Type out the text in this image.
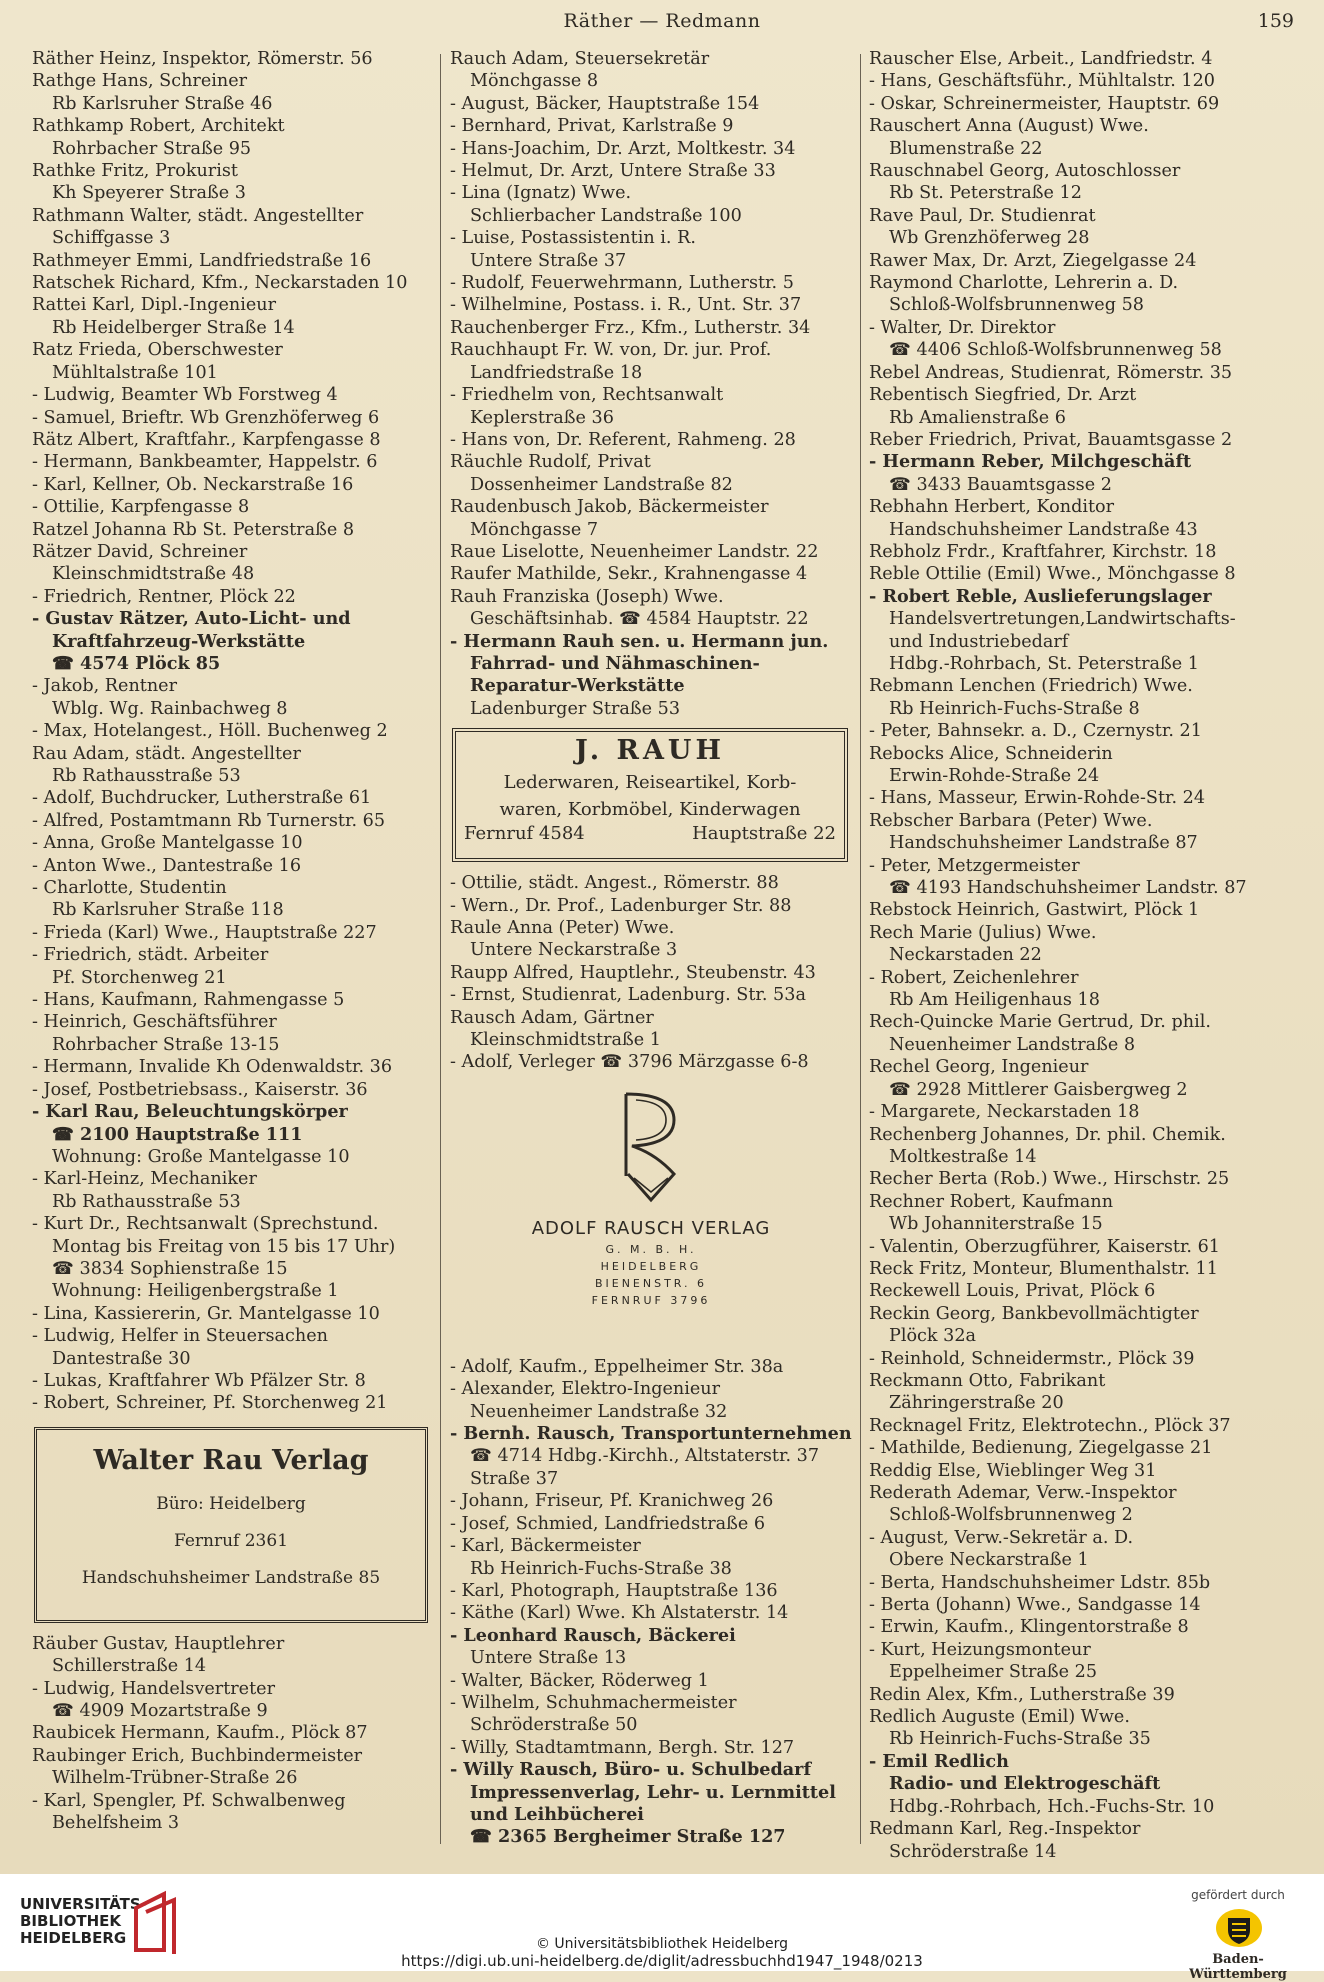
Räther — Redmann	159
Räther Heinz, Inspektor, Römerstr. 56
Rathge Hans, Schreiner
Rb Karlsruher Straße 46
Rathkamp Robert, Architekt
Rohrbacher Straße 95
Rathke Fritz, Prokurist
Kh Speyerer Straße 3
Rathmann Walter, städt. Angestellter
Schiffgasse 3
Rathmeyer Emmi, Landfriedstraße 16
Ratschek Richard, Kfm., Neckarstaden 10
Rattei Karl, Dipl.-Ingenieur
Rb Heidelberger Straße 14
Ratz Frieda, Oberschwester
Mühltalstraße 101
- Ludwig, Beamter Wb Forstweg 4
- Samuel, Brieftr. Wb Grenzhöferweg 6
Rätz Albert, Kraftfahr., Karpfengasse 8
- Hermann, Bankbeamter, Happelstr. 6
- Karl, Kellner, Ob. Neckarstraße 16
- Ottilie, Karpfengasse 8
Ratzel Johanna Rb St. Peterstraße 8
Rätzer David, Schreiner
Kleinschmidtstraße 48
- Friedrich, Rentner, Plöck 22
- Gustav Rätzer, Auto-Licht- und
Kraftfahrzeug-Werkstätte
☎ 4574 Plöck 85
- Jakob, Rentner
Wblg. Wg. Rainbachweg 8
- Max, Hotelangest., Höll. Buchenweg 2
Rau Adam, städt. Angestellter
Rb Rathausstraße 53
- Adolf, Buchdrucker, Lutherstraße 61
- Alfred, Postamtmann Rb Turnerstr. 65
- Anna, Große Mantelgasse 10
- Anton Wwe., Dantestraße 16
- Charlotte, Studentin
Rb Karlsruher Straße 118
- Frieda (Karl) Wwe., Hauptstraße 227
- Friedrich, städt. Arbeiter
Pf. Storchenweg 21
- Hans, Kaufmann, Rahmengasse 5
- Heinrich, Geschäftsführer
Rohrbacher Straße 13-15
- Hermann, Invalide Kh Odenwaldstr. 36
- Josef, Postbetriebsass., Kaiserstr. 36
- Karl Rau, Beleuchtungskörper
☎ 2100 Hauptstraße 111
Wohnung: Große Mantelgasse 10
- Karl-Heinz, Mechaniker
Rb Rathausstraße 53
- Kurt Dr., Rechtsanwalt (Sprechstund.
Montag bis Freitag von 15 bis 17 Uhr)
☎ 3834 Sophienstraße 15
Wohnung: Heiligenbergstraße 1
- Lina, Kassiererin, Gr. Mantelgasse 10
- Ludwig, Helfer in Steuersachen
Dantestraße 30
- Lukas, Kraftfahrer Wb Pfälzer Str. 8
- Robert, Schreiner, Pf. Storchenweg 21
Walter Rau Verlag
Büro: Heidelberg
Fernruf 2361
Handschuhsheimer Landstraße 85
Räuber Gustav, Hauptlehrer
Schillerstraße 14
- Ludwig, Handelsvertreter
☎ 4909 Mozartstraße 9
Raubicek Hermann, Kaufm., Plöck 87
Raubinger Erich, Buchbindermeister
Wilhelm-Trübner-Straße 26
- Karl, Spengler, Pf. Schwalbenweg
Behelfsheim 3
Rauch Adam, Steuersekretär
Mönchgasse 8
- August, Bäcker, Hauptstraße 154
- Bernhard, Privat, Karlstraße 9
- Hans-Joachim, Dr. Arzt, Moltkestr. 34
- Helmut, Dr. Arzt, Untere Straße 33
- Lina (Ignatz) Wwe.
Schlierbacher Landstraße 100
- Luise, Postassistentin i. R.
Untere Straße 37
- Rudolf, Feuerwehrmann, Lutherstr. 5
- Wilhelmine, Postass. i. R., Unt. Str. 37
Rauchenberger Frz., Kfm., Lutherstr. 34
Rauchhaupt Fr. W. von, Dr. jur. Prof.
Landfriedstraße 18
- Friedhelm von, Rechtsanwalt
Keplerstraße 36
- Hans von, Dr. Referent, Rahmeng. 28
Räuchle Rudolf, Privat
Dossenheimer Landstraße 82
Raudenbusch Jakob, Bäckermeister
Mönchgasse 7
Raue Liselotte, Neuenheimer Landstr. 22
Raufer Mathilde, Sekr., Krahnengasse 4
Rauh Franziska (Joseph) Wwe.
Geschäftsinhab. ☎ 4584 Hauptstr. 22
- Hermann Rauh sen. u. Hermann jun.
Fahrrad- und Nähmaschinen-
Reparatur-Werkstätte
Ladenburger Straße 53
J. RAUH
Lederwaren, Reiseartikel, Korb-
waren, Korbmöbel, Kinderwagen
Fernruf 4584	Hauptstraße 22
- Ottilie, städt. Angest., Römerstr. 88
- Wern., Dr. Prof., Ladenburger Str. 88
Raule Anna (Peter) Wwe.
Untere Neckarstraße 3
Raupp Alfred, Hauptlehr., Steubenstr. 43
- Ernst, Studienrat, Ladenburg. Str. 53a
Rausch Adam, Gärtner
Kleinschmidtstraße 1
- Adolf, Verleger ☎ 3796 Märzgasse 6-8
ADOLF RAUSCH VERLAG
G. M. B. H.
HEIDELBERG
BIENENSTR. 6
FERNRUF 3796
- Adolf, Kaufm., Eppelheimer Str. 38a
- Alexander, Elektro-Ingenieur
Neuenheimer Landstraße 32
- Bernh. Rausch, Transportunternehmen
☎ 4714 Hdbg.-Kirchh., Altstaterstr. 37
Straße 37
- Johann, Friseur, Pf. Kranichweg 26
- Josef, Schmied, Landfriedstraße 6
- Karl, Bäckermeister
Rb Heinrich-Fuchs-Straße 38
- Karl, Photograph, Hauptstraße 136
- Käthe (Karl) Wwe. Kh Alstaterstr. 14
- Leonhard Rausch, Bäckerei
Untere Straße 13
- Walter, Bäcker, Röderweg 1
- Wilhelm, Schuhmachermeister
Schröderstraße 50
- Willy, Stadtamtmann, Bergh. Str. 127
- Willy Rausch, Büro- u. Schulbedarf
Impressenverlag, Lehr- u. Lernmittel
und Leihbücherei
☎ 2365 Bergheimer Straße 127
Rauscher Else, Arbeit., Landfriedstr. 4
- Hans, Geschäftsführ., Mühltalstr. 120
- Oskar, Schreinermeister, Hauptstr. 69
Rauschert Anna (August) Wwe.
Blumenstraße 22
Rauschnabel Georg, Autoschlosser
Rb St. Peterstraße 12
Rave Paul, Dr. Studienrat
Wb Grenzhöferweg 28
Rawer Max, Dr. Arzt, Ziegelgasse 24
Raymond Charlotte, Lehrerin a. D.
Schloß-Wolfsbrunnenweg 58
- Walter, Dr. Direktor
☎ 4406 Schloß-Wolfsbrunnenweg 58
Rebel Andreas, Studienrat, Römerstr. 35
Rebentisch Siegfried, Dr. Arzt
Rb Amalienstraße 6
Reber Friedrich, Privat, Bauamtsgasse 2
- Hermann Reber, Milchgeschäft
☎ 3433 Bauamtsgasse 2
Rebhahn Herbert, Konditor
Handschuhsheimer Landstraße 43
Rebholz Frdr., Kraftfahrer, Kirchstr. 18
Reble Ottilie (Emil) Wwe., Mönchgasse 8
- Robert Reble, Auslieferungslager
Handelsvertretungen,Landwirtschafts-
und Industriebedarf
Hdbg.-Rohrbach, St. Peterstraße 1
Rebmann Lenchen (Friedrich) Wwe.
Rb Heinrich-Fuchs-Straße 8
- Peter, Bahnsekr. a. D., Czernystr. 21
Rebocks Alice, Schneiderin
Erwin-Rohde-Straße 24
- Hans, Masseur, Erwin-Rohde-Str. 24
Rebscher Barbara (Peter) Wwe.
Handschuhsheimer Landstraße 87
- Peter, Metzgermeister
☎ 4193 Handschuhsheimer Landstr. 87
Rebstock Heinrich, Gastwirt, Plöck 1
Rech Marie (Julius) Wwe.
Neckarstaden 22
- Robert, Zeichenlehrer
Rb Am Heiligenhaus 18
Rech-Quincke Marie Gertrud, Dr. phil.
Neuenheimer Landstraße 8
Rechel Georg, Ingenieur
☎ 2928 Mittlerer Gaisbergweg 2
- Margarete, Neckarstaden 18
Rechenberg Johannes, Dr. phil. Chemik.
Moltkestraße 14
Recher Berta (Rob.) Wwe., Hirschstr. 25
Rechner Robert, Kaufmann
Wb Johanniterstraße 15
- Valentin, Oberzugführer, Kaiserstr. 61
Reck Fritz, Monteur, Blumenthalstr. 11
Reckewell Louis, Privat, Plöck 6
Reckin Georg, Bankbevollmächtigter
Plöck 32a
- Reinhold, Schneidermstr., Plöck 39
Reckmann Otto, Fabrikant
Zähringerstraße 20
Recknagel Fritz, Elektrotechn., Plöck 37
- Mathilde, Bedienung, Ziegelgasse 21
Reddig Else, Wieblinger Weg 31
Rederath Ademar, Verw.-Inspektor
Schloß-Wolfsbrunnenweg 2
- August, Verw.-Sekretär a. D.
Obere Neckarstraße 1
- Berta, Handschuhsheimer Ldstr. 85b
- Berta (Johann) Wwe., Sandgasse 14
- Erwin, Kaufm., Klingentorstraße 8
- Kurt, Heizungsmonteur
Eppelheimer Straße 25
Redin Alex, Kfm., Lutherstraße 39
Redlich Auguste (Emil) Wwe.
Rb Heinrich-Fuchs-Straße 35
- Emil Redlich
Radio- und Elektrogeschäft
Hdbg.-Rohrbach, Hch.-Fuchs-Str. 10
Redmann Karl, Reg.-Inspektor
Schröderstraße 14
UNIVERSITÄTS-
BIBLIOTHEK
HEIDELBERG	© Universitätsbibliothek Heidelberg
https://digi.ub.uni-heidelberg.de/diglit/adressbuchhd1947_1948/0213
gefördert durch
Baden-Württemberg
